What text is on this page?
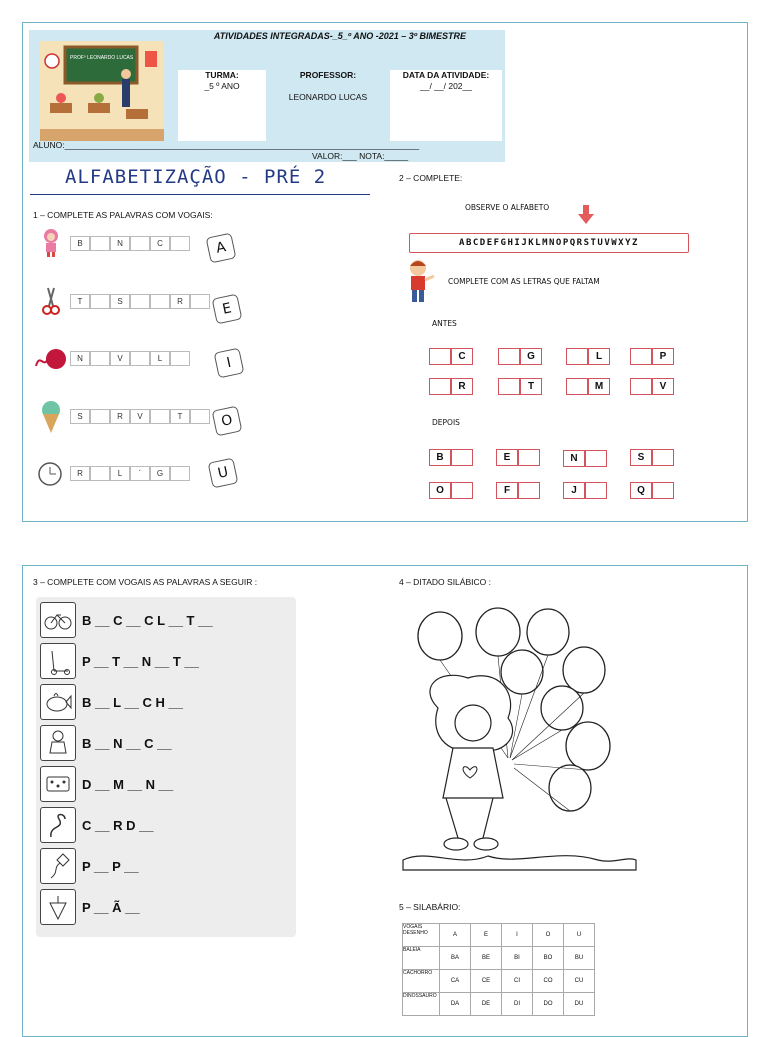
ATIVIDADES INTEGRADAS-_5_º ANO -2021 – 3º BIMESTRE
PROFº LEONARDO LUCAS
TURMA:
_5 º ANO
PROFESSOR:
LEONARDO LUCAS
DATA DA ATIVIDADE:
__/ __/ 202__
ALUNO:___________________________________________________________________________
VALOR:___ NOTA:_____
ALFABETIZAÇÃO - PRÉ 2
1 – COMPLETE AS PALAVRAS COM VOGAIS:
B	N	C
T	S	R
N	V	L
S	R	V	T
R	L	´	G
A
E
I
O
U
2 – COMPLETE:
OBSERVE O ALFABETO
ABCDEFGHIJKLMNOPQRSTUVWXYZ
COMPLETE COM AS LETRAS QUE FALTAM
ANTES
C	G	L	P
R	T	M	V
DEPOIS
B	E	N	S
O	F	J	Q
3 – COMPLETE COM VOGAIS AS PALAVRAS A SEGUIR :
B __ C __ C L __ T __
P __ T __ N __ T __
B __ L __ C H __
B __ N __ C __
D __ M __ N __
C __ R D __
P __ P __
P __ Ã __
4 – DITADO SILÁBICO :
5 – SILABÁRIO:
VOGAIS
DESENHO	A	E	I	O	U
BALEIA	BA	BE	BI	BO	BU
CACHORRO	CA	CE	CI	CO	CU
DINOSSAURO	DA	DE	DI	DO	DU
